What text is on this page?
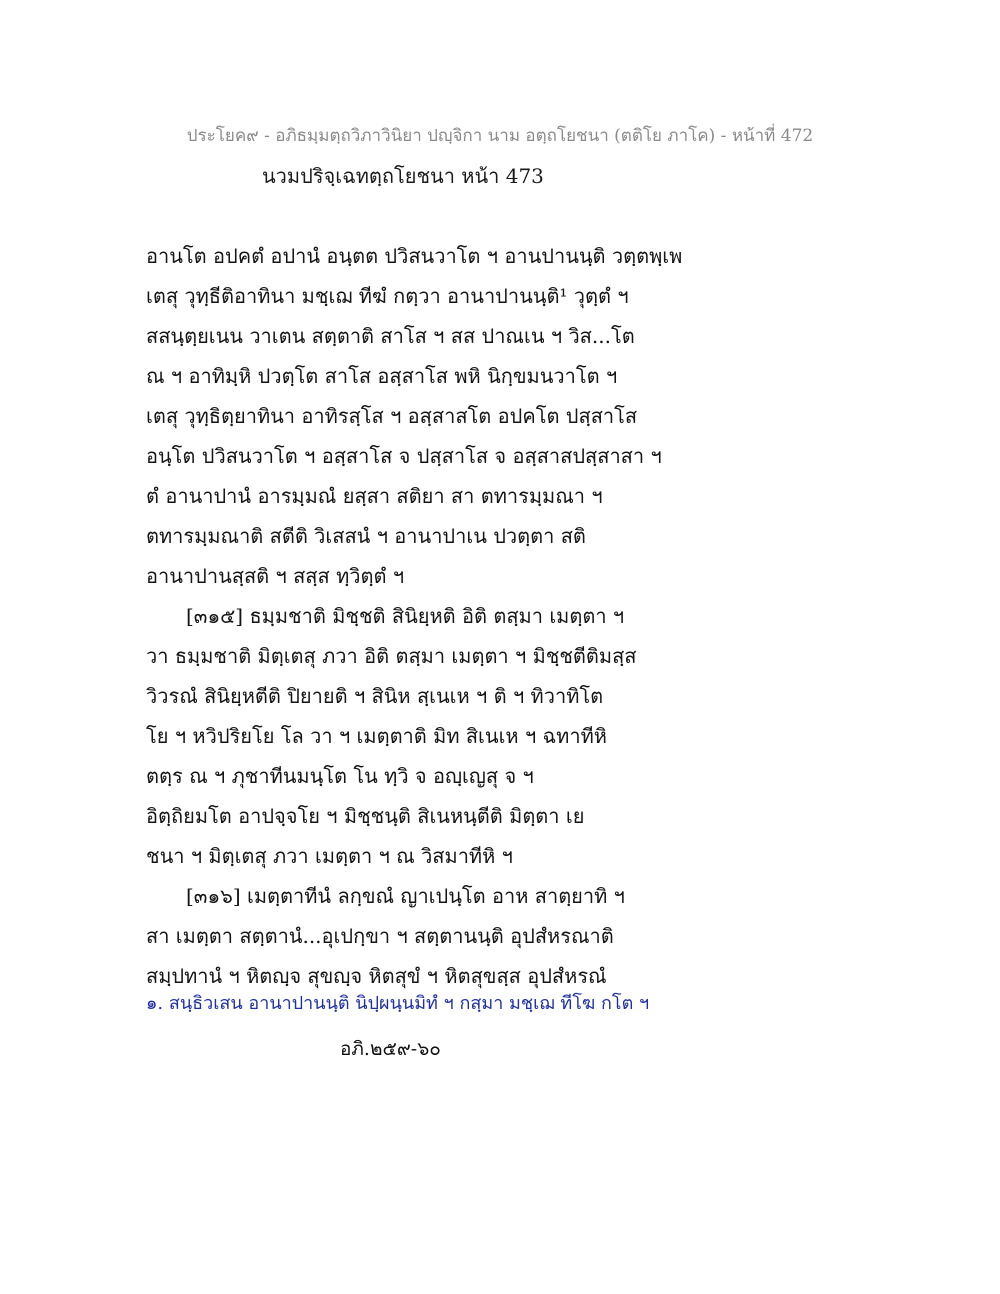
ประโยค๙ - อภิธมฺมตฺถวิภาวินิยา ปญฺจิกา นาม อตฺถโยชนา (ตติโย ภาโค) - หน้าที่ 472
นวมปริจฺเฉทตฺถโยชนา หน้า 473
อานโต อปคตํ อปานํ อนฺตต ปวิสนวาโต ฯ อานปานนฺติ วตฺตพฺเพ
เตสุ วุทฺธีติอาทินา มชฺเฌ ทีฆํ กตฺวา อานาปานนฺติ¹ วุตฺตํ ฯ
สสนฺตฺยเนน วาเตน สตฺตาติ สาโส ฯ สส ปาณเน ฯ วิส...โต
ณ ฯ อาทิมฺหิ ปวตฺโต สาโส อสฺสาโส พหิ นิกฺขมนวาโต ฯ
เตสุ วุทฺธิตฺยาทินา อาทิรสฺโส ฯ อสฺสาสโต อปคโต ปสฺสาโส
อนฺโต ปวิสนวาโต ฯ อสฺสาโส จ ปสฺสาโส จ อสฺสาสปสฺสาสา ฯ
ตํ อานาปานํ อารมฺมณํ ยสฺสา สติยา สา ตทารมฺมณา ฯ
ตทารมฺมณาติ สตีติ วิเสสนํ ฯ อานาปาเน ปวตฺตา สติ
อานาปานสฺสติ ฯ สสฺส ทฺวิตฺตํ ฯ
[๓๑๕] ธมฺมชาติ มิชฺชติ สินิยฺหติ อิติ ตสฺมา เมตฺตา ฯ
วา ธมฺมชาติ มิตฺเตสุ ภวา อิติ ตสฺมา เมตฺตา ฯ มิชฺชตีติมสฺส
วิวรณํ สินิยฺหตีติ ปิยายติ ฯ สินิห สฺเนเห ฯ ติ ฯ ทิวาทิโต
โย ฯ หวิปริยโย โล วา ฯ เมตฺตาติ มิท สิเนเห ฯ ฉทาทีหิ
ตตฺร ณ ฯ ภุชาทีนมนฺโต โน ทฺวิ จ อญฺเญสุ จ ฯ
อิตฺถิยมโต อาปจฺจโย ฯ มิชฺชนฺติ สิเนหนฺตีติ มิตฺตา เย
ชนา ฯ มิตฺเตสุ ภวา เมตฺตา ฯ ณ วิสมาทีหิ ฯ
[๓๑๖] เมตฺตาทีนํ ลกฺขณํ ญาเปนฺโต อาห สาตฺยาทิ ฯ
สา เมตฺตา สตฺตานํ...อุเปกฺขา ฯ สตฺตานนฺติ อุปสํหรณาติ
สมฺปทานํ ฯ หิตญฺจ สุขญฺจ หิตสุขํ ฯ หิตสุขสฺส อุปสํหรณํ
๑. สนฺธิวเสน อานาปานนฺติ นิปฺผนฺนมิทํ ฯ กสฺมา มชฺเฌ ทีโฆ กโต ฯ
อภิ.๒๕๙-๖๐
